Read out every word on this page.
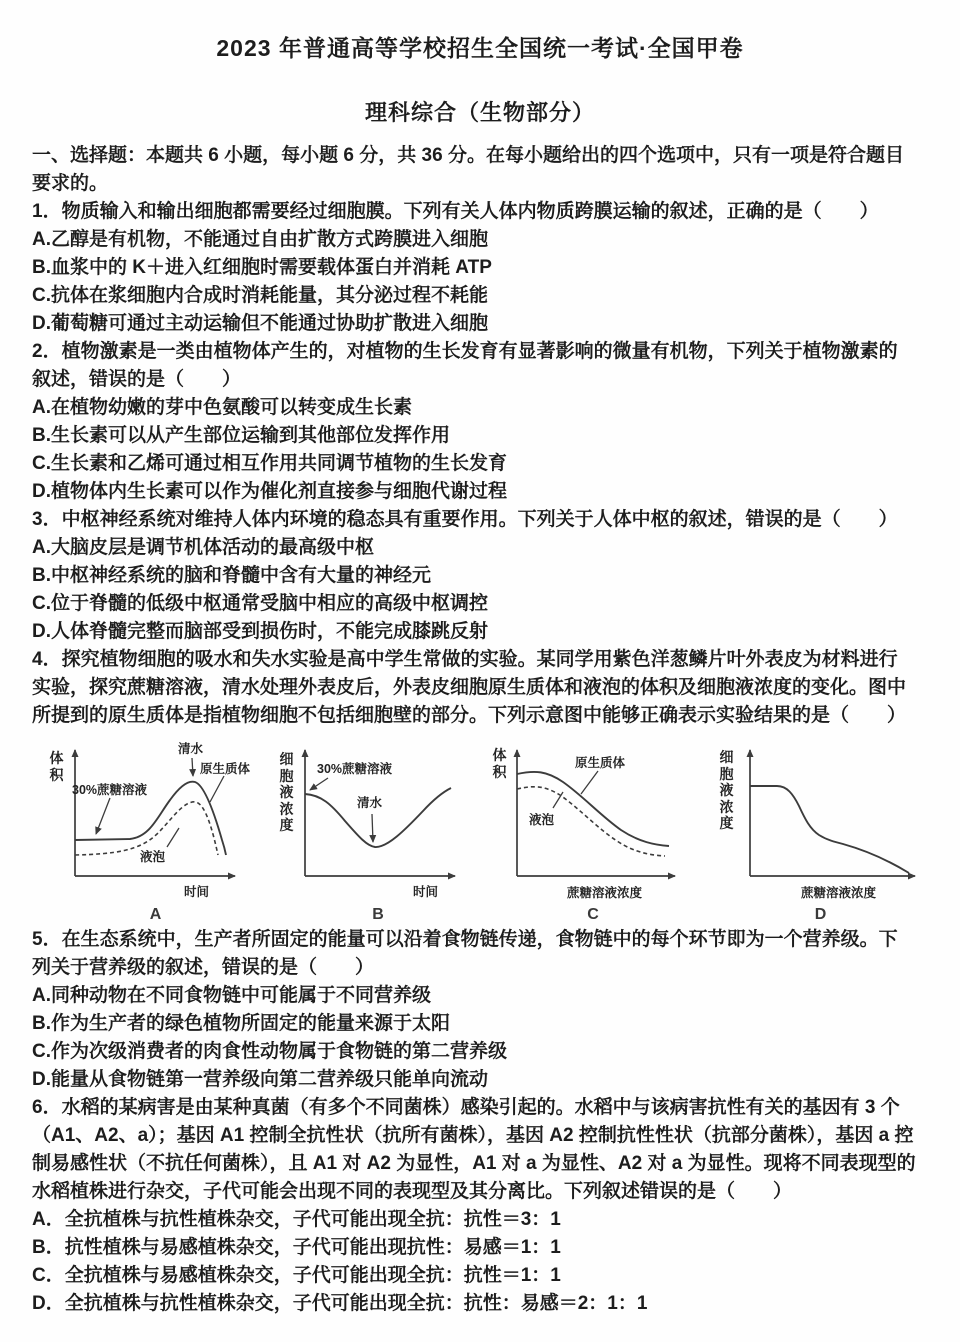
2023 年普通高等学校招生全国统一考试·全国甲卷
理科综合（生物部分）
一、选择题：本题共 6 小题，每小题 6 分，共 36 分。在每小题给出的四个选项中，只有一项是符合题目
要求的。
1．物质输入和输出细胞都需要经过细胞膜。下列有关人体内物质跨膜运输的叙述，正确的是（　　）
A.乙醇是有机物，不能通过自由扩散方式跨膜进入细胞
B.血浆中的 K＋进入红细胞时需要载体蛋白并消耗 ATP
C.抗体在浆细胞内合成时消耗能量，其分泌过程不耗能
D.葡萄糖可通过主动运输但不能通过协助扩散进入细胞
2．植物激素是一类由植物体产生的，对植物的生长发育有显著影响的微量有机物，下列关于植物激素的
叙述，错误的是（　　）
A.在植物幼嫩的芽中色氨酸可以转变成生长素
B.生长素可以从产生部位运输到其他部位发挥作用
C.生长素和乙烯可通过相互作用共同调节植物的生长发育
D.植物体内生长素可以作为催化剂直接参与细胞代谢过程
3．中枢神经系统对维持人体内环境的稳态具有重要作用。下列关于人体中枢的叙述，错误的是（　　）
A.大脑皮层是调节机体活动的最高级中枢
B.中枢神经系统的脑和脊髓中含有大量的神经元
C.位于脊髓的低级中枢通常受脑中相应的高级中枢调控
D.人体脊髓完整而脑部受到损伤时，不能完成膝跳反射
4．探究植物细胞的吸水和失水实验是高中学生常做的实验。某同学用紫色洋葱鳞片叶外表皮为材料进行
实验，探究蔗糖溶液，清水处理外表皮后，外表皮细胞原生质体和液泡的体积及细胞液浓度的变化。图中
所提到的原生质体是指植物细胞不包括细胞壁的部分。下列示意图中能够正确表示实验结果的是（　　）
体积
30%蔗糖溶液
清水
原生质体
液泡
时间
A
细胞液浓度
30%蔗糖溶液
清水
时间
B
体积
原生质体
液泡
蔗糖溶液浓度
C
细胞液浓度
蔗糖溶液浓度
D
5．在生态系统中，生产者所固定的能量可以沿着食物链传递，食物链中的每个环节即为一个营养级。下
列关于营养级的叙述，错误的是（　　）
A.同种动物在不同食物链中可能属于不同营养级
B.作为生产者的绿色植物所固定的能量来源于太阳
C.作为次级消费者的肉食性动物属于食物链的第二营养级
D.能量从食物链第一营养级向第二营养级只能单向流动
6．水稻的某病害是由某种真菌（有多个不同菌株）感染引起的。水稻中与该病害抗性有关的基因有 3 个
（A1、A2、a）；基因 A1 控制全抗性状（抗所有菌株），基因 A2 控制抗性性状（抗部分菌株），基因 a 控
制易感性状（不抗任何菌株），且 A1 对 A2 为显性，A1 对 a 为显性、A2 对 a 为显性。现将不同表现型的
水稻植株进行杂交，子代可能会出现不同的表现型及其分离比。下列叙述错误的是（　　）
A．全抗植株与抗性植株杂交，子代可能出现全抗：抗性＝3：1
B．抗性植株与易感植株杂交，子代可能出现抗性：易感＝1：1
C．全抗植株与易感植株杂交，子代可能出现全抗：抗性＝1：1
D．全抗植株与抗性植株杂交，子代可能出现全抗：抗性：易感＝2：1：1
